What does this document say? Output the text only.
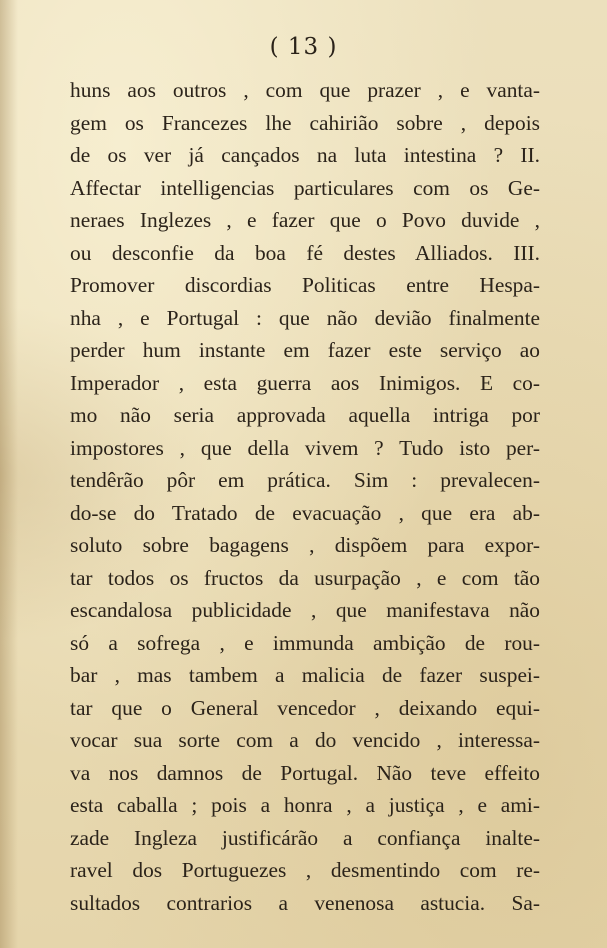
( 13 )
huns aos outros , com que prazer , e vanta-
gem os Francezes lhe cahirião sobre , depois
de os ver já cançados na luta intestina ? II.
Affectar intelligencias particulares com os Ge-
neraes Inglezes , e fazer que o Povo duvide ,
ou desconfie da boa fé destes Alliados. III.
Promover discordias Politicas entre Hespa-
nha , e Portugal : que não devião finalmente
perder hum instante em fazer este serviço ao
Imperador , esta guerra aos Inimigos. E co-
mo não seria approvada aquella intriga por
impostores , que della vivem ? Tudo isto per-
tendêrão pôr em prática. Sim : prevalecen-
do-se do Tratado de evacuação , que era ab-
soluto sobre bagagens , dispõem para expor-
tar todos os fructos da usurpação , e com tão
escandalosa publicidade , que manifestava não
só a sofrega , e immunda ambição de rou-
bar , mas tambem a malicia de fazer suspei-
tar que o General vencedor , deixando equi-
vocar sua sorte com a do vencido , interessa-
va nos damnos de Portugal. Não teve effeito
esta caballa ; pois a honra , a justiça , e ami-
zade Ingleza justificárão a confiança inalte-
ravel dos Portuguezes , desmentindo com re-
sultados contrarios a venenosa astucia. Sa-
